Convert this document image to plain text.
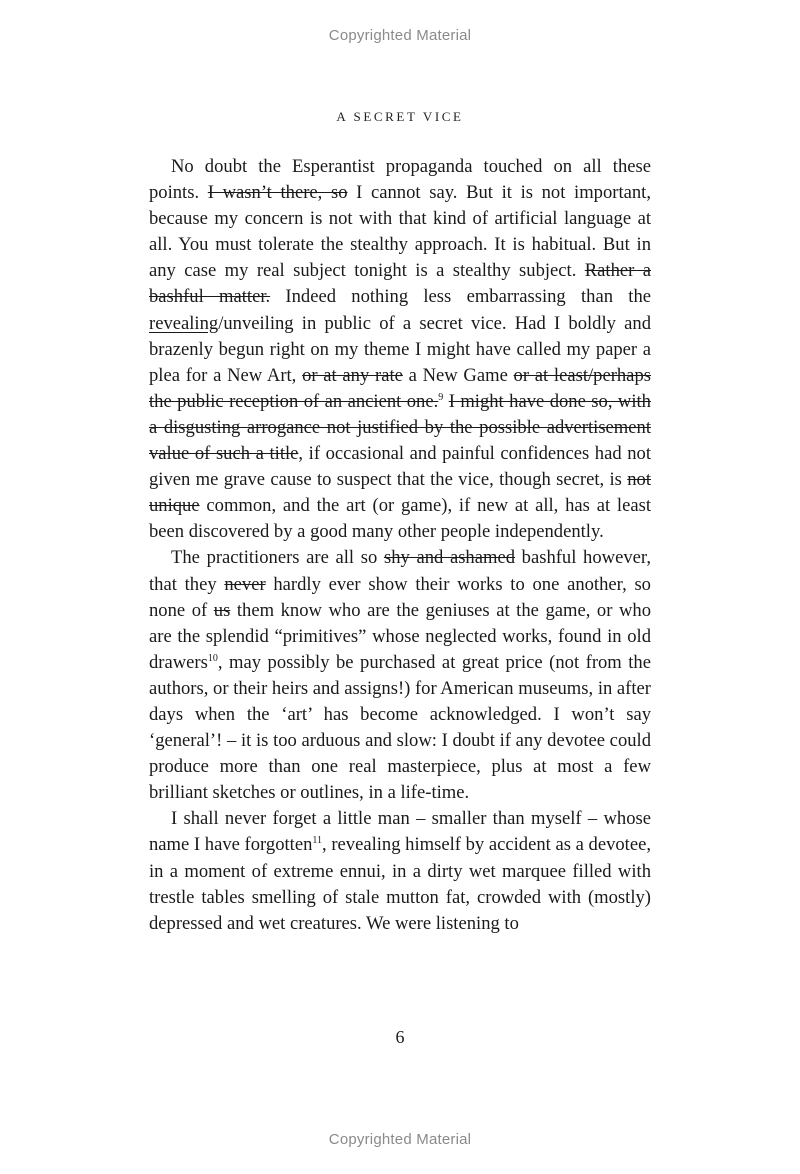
Copyrighted Material
A SECRET VICE

No doubt the Esperantist propaganda touched on all these points. I wasn’t there, so I cannot say. But it is not important, because my concern is not with that kind of artificial language at all. You must tolerate the stealthy approach. It is habitual. But in any case my real subject tonight is a stealthy subject. Rather a bashful matter. Indeed nothing less embarrassing than the revealing/unveiling in public of a secret vice. Had I boldly and brazenly begun right on my theme I might have called my paper a plea for a New Art, or at any rate a New Game or at least/perhaps the public reception of an ancient one.$^9$ I might have done so, with a disgusting arrogance not justified by the possible advertisement value of such a title, if occasional and painful confidences had not given me grave cause to suspect that the vice, though secret, is not unique common, and the art (or game), if new at all, has at least been discovered by a good many other people independently.

The practitioners are all so shy and ashamed bashful however, that they never hardly ever show their works to one another, so none of us them know who are the geniuses at the game, or who are the splendid “primitives” whose neglected works, found in old drawers$^{10}$, may possibly be purchased at great price (not from the authors, or their heirs and assigns!) for American museums, in after days when the ‘art’ has become acknowledged. I won’t say ‘general’! – it is too arduous and slow: I doubt if any devotee could produce more than one real masterpiece, plus at most a few brilliant sketches or outlines, in a life-time.

I shall never forget a little man – smaller than myself – whose name I have forgotten$^{11}$, revealing himself by accident as a devotee, in a moment of extreme ennui, in a dirty wet marquee filled with trestle tables smelling of stale mutton fat, crowded with (mostly) depressed and wet creatures. We were listening to

6
Copyrighted Material
